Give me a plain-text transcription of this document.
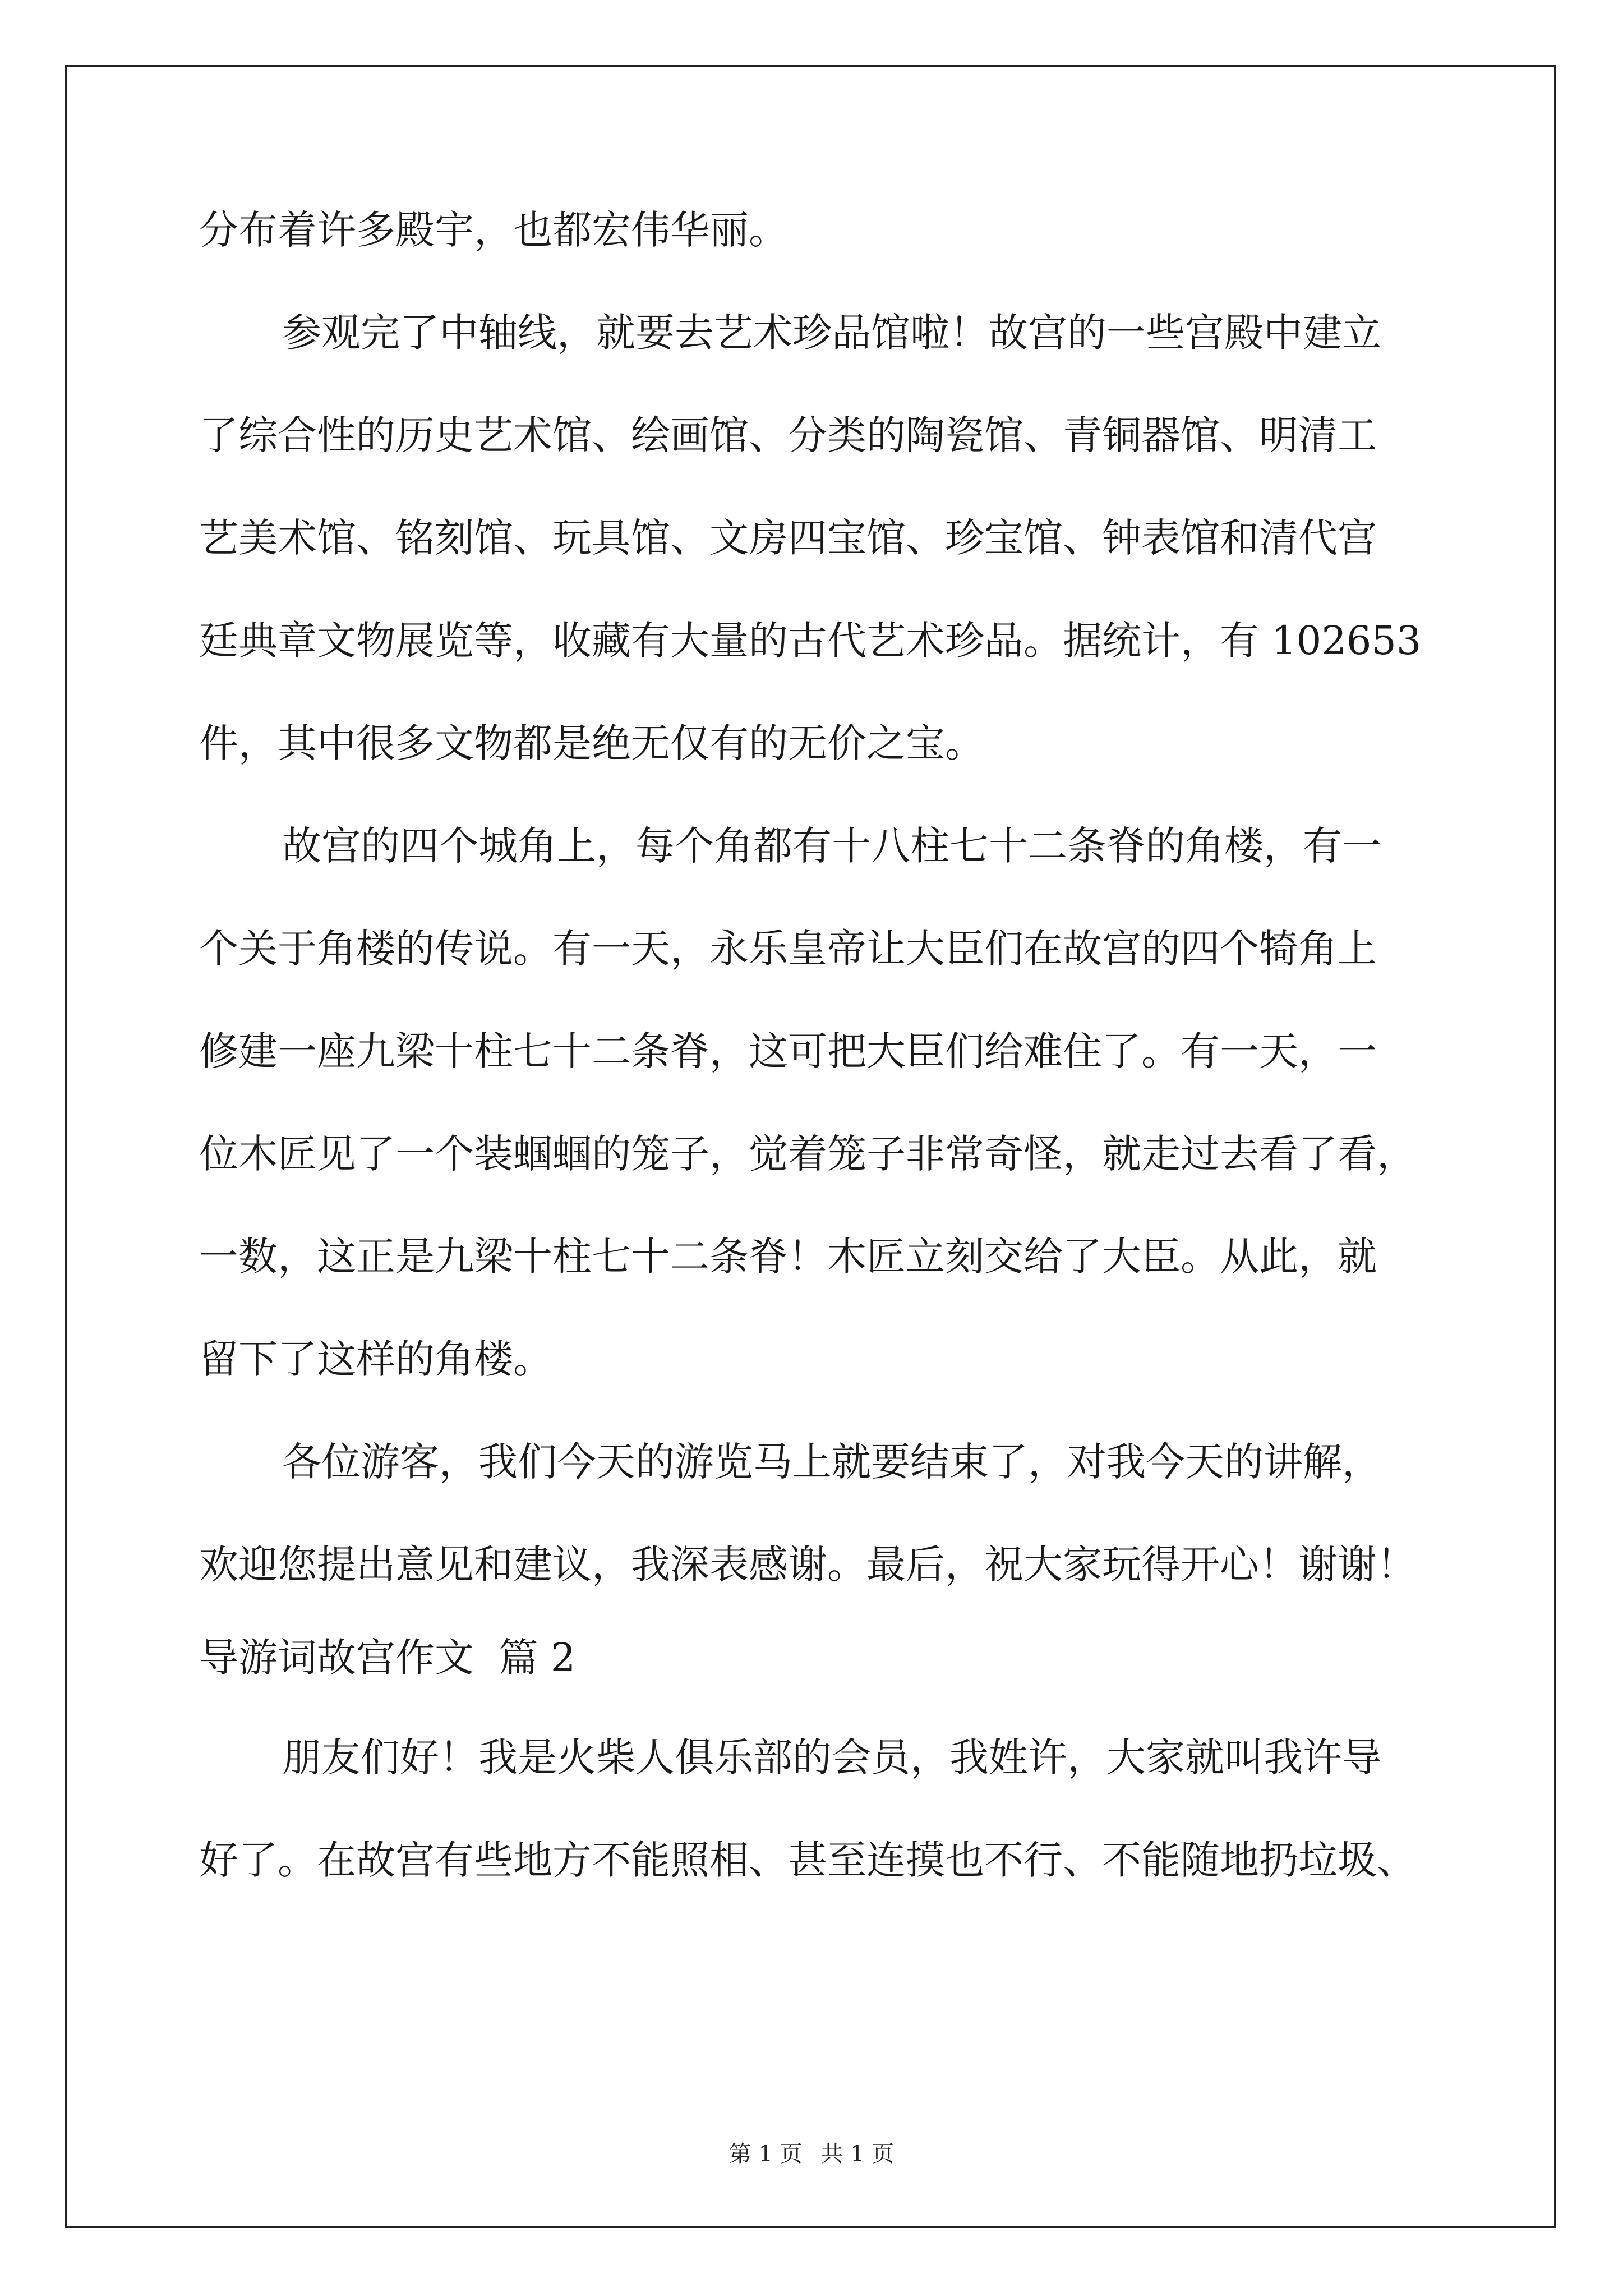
分布着许多殿宇，也都宏伟华丽。
参观完了中轴线，就要去艺术珍品馆啦！故宫的一些宫殿中建立
了综合性的历史艺术馆、绘画馆、分类的陶瓷馆、青铜器馆、明清工
艺美术馆、铭刻馆、玩具馆、文房四宝馆、珍宝馆、钟表馆和清代宫
廷典章文物展览等，收藏有大量的古代艺术珍品。据统计，有 102653
件，其中很多文物都是绝无仅有的无价之宝。
故宫的四个城角上，每个角都有十八柱七十二条脊的角楼，有一
个关于角楼的传说。有一天，永乐皇帝让大臣们在故宫的四个犄角上
修建一座九梁十柱七十二条脊，这可把大臣们给难住了。有一天，一
位木匠见了一个装蝈蝈的笼子，觉着笼子非常奇怪，就走过去看了看，
一数，这正是九梁十柱七十二条脊！木匠立刻交给了大臣。从此，就
留下了这样的角楼。
各位游客，我们今天的游览马上就要结束了，对我今天的讲解，
欢迎您提出意见和建议，我深表感谢。最后，祝大家玩得开心！谢谢！
导游词故宫作文  篇 2
朋友们好！我是火柴人俱乐部的会员，我姓许，大家就叫我许导
好了。在故宫有些地方不能照相、甚至连摸也不行、不能随地扔垃圾、
第 1 页 共 1 页
